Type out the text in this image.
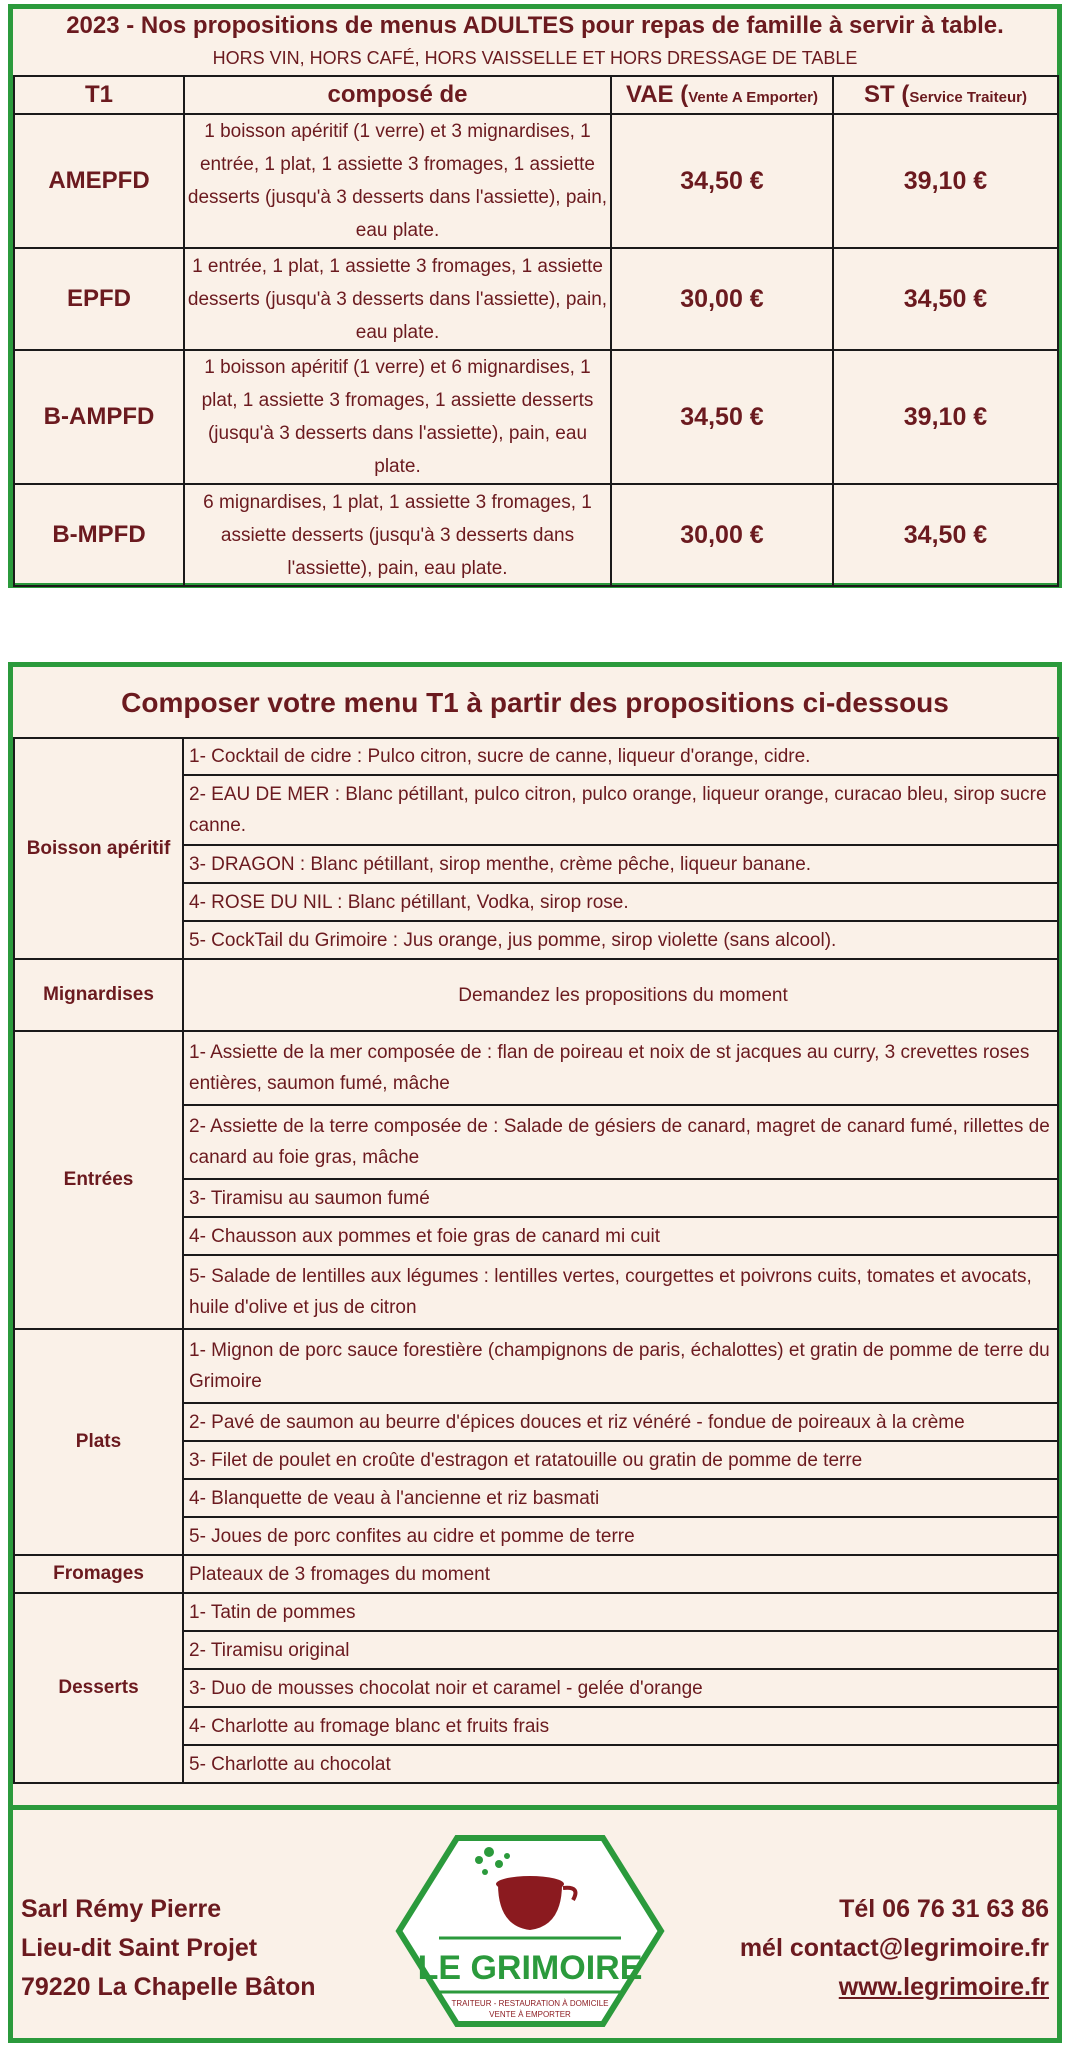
2023 - Nos propositions de menus ADULTES pour repas de famille à servir à table.
HORS VIN, HORS CAFÉ, HORS VAISSELLE ET HORS DRESSAGE DE TABLE
T1	composé de	VAE (Vente A Emporter)	ST (Service Traiteur)
AMEPFD	1 boisson apéritif (1 verre) et 3 mignardises, 1 entrée, 1 plat, 1 assiette 3 fromages, 1 assiette desserts (jusqu'à 3 desserts dans l'assiette), pain, eau plate.	34,50 €	39,10 €
EPFD	1 entrée, 1 plat, 1 assiette 3 fromages, 1 assiette desserts (jusqu'à 3 desserts dans l'assiette), pain, eau plate.	30,00 €	34,50 €
B-AMPFD	1 boisson apéritif (1 verre) et 6 mignardises, 1 plat, 1 assiette 3 fromages, 1 assiette desserts (jusqu'à 3 desserts dans l'assiette), pain, eau plate.	34,50 €	39,10 €
B-MPFD	6 mignardises, 1 plat, 1 assiette 3 fromages, 1 assiette desserts (jusqu'à 3 desserts dans l'assiette), pain, eau plate.	30,00 €	34,50 €
Composer votre menu T1 à partir des propositions ci-dessous
Boisson apéritif	1- Cocktail de cidre : Pulco citron, sucre de canne, liqueur d'orange, cidre.
	2- EAU DE MER : Blanc pétillant, pulco citron, pulco orange, liqueur orange, curacao bleu, sirop sucre canne.
	3- DRAGON : Blanc pétillant, sirop menthe, crème pêche, liqueur banane.
	4- ROSE DU NIL : Blanc pétillant, Vodka, sirop rose.
	5- CockTail du Grimoire : Jus orange, jus pomme, sirop violette (sans alcool).
Mignardises	Demandez les propositions du moment
Entrées	1- Assiette de la mer composée de : flan de poireau et noix de st jacques au curry, 3 crevettes roses entières, saumon fumé, mâche
	2- Assiette de la terre composée de : Salade de gésiers de canard, magret de canard fumé, rillettes de canard au foie gras, mâche
	3- Tiramisu au saumon fumé
	4- Chausson aux pommes et foie gras de canard mi cuit
	5- Salade de lentilles aux légumes : lentilles vertes, courgettes et poivrons cuits, tomates et avocats, huile d'olive et jus de citron
Plats	1- Mignon de porc sauce forestière (champignons de paris, échalottes) et gratin de pomme de terre du Grimoire
	2- Pavé de saumon au beurre d'épices douces et riz vénéré - fondue de poireaux à la crème
	3- Filet de poulet en croûte d'estragon et ratatouille ou gratin de pomme de terre
	4- Blanquette de veau à l'ancienne et riz basmati
	5- Joues de porc confites au cidre et pomme de terre
Fromages	Plateaux de 3 fromages du moment
Desserts	1- Tatin de pommes
	2- Tiramisu original
	3- Duo de mousses chocolat noir et caramel - gelée d'orange
	4- Charlotte au fromage blanc et fruits frais
	5- Charlotte au chocolat
Sarl Rémy Pierre
Lieu-dit Saint Projet
79220 La Chapelle Bâton	LE GRIMOIRE
TRAITEUR - RESTAURATION À DOMICILE
VENTE À EMPORTER
Tél 06 76 31 63 86
mél contact@legrimoire.fr
www.legrimoire.fr
